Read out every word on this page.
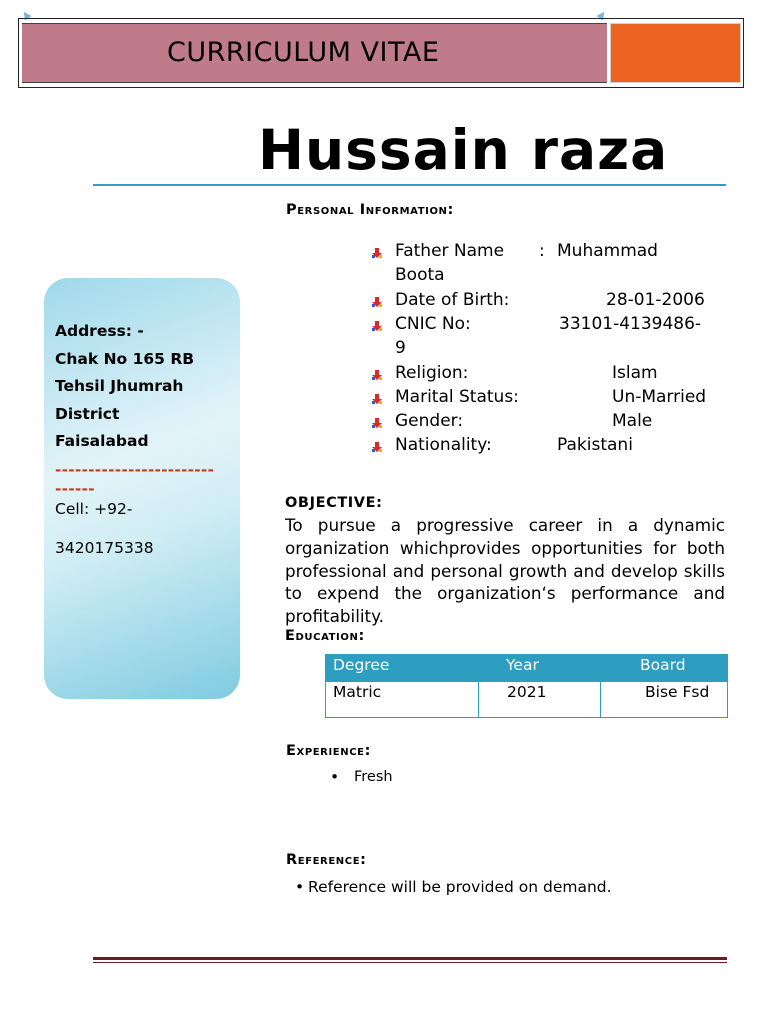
CURRICULUM VITAE
Hussain raza
Address: -
Chak No 165 RB
Tehsil Jhumrah
District
Faisalabad
------------------------
------
Cell: +92-
3420175338
Personal Information:
Father Name : Muhammad
Boota
Date of Birth:	28-01-2006
CNIC No:	33101-4139486-
9
Religion:	Islam
Marital Status:	Un-Married
Gender:	Male
Nationality:	Pakistani
OBJECTIVE:
To pursue a progressive career in a dynamic organization whichprovides opportunities for both professional and personal growth and develop skills to expend the organization‘s performance and profitability.
Education:
Degree	Year	Board
Matric	2021	Bise Fsd
Experience:
• Fresh
Reference:
• Reference will be provided on demand.
